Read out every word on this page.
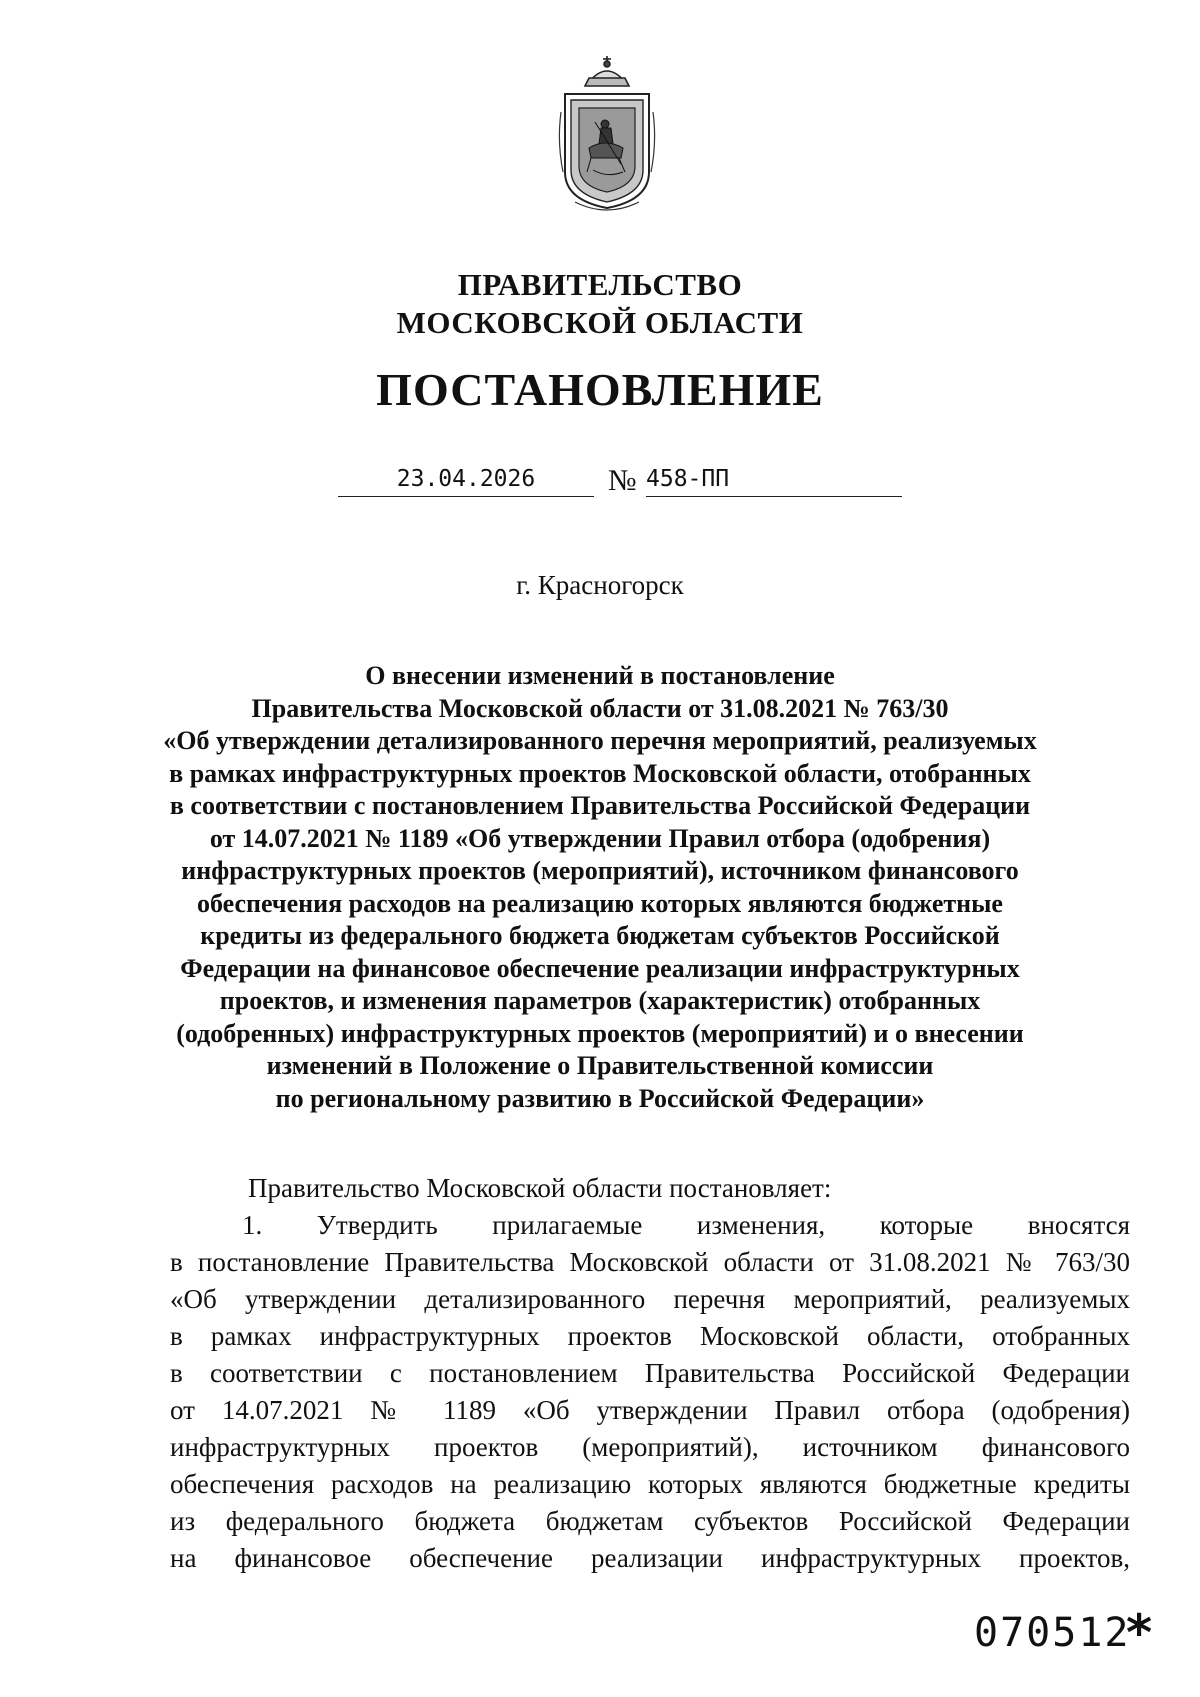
ПРАВИТЕЛЬСТВО
МОСКОВСКОЙ ОБЛАСТИ
ПОСТАНОВЛЕНИЕ
23.04.2026	№ 458-ПП
г. Красногорск
О внесении изменений в постановление
Правительства Московской области от 31.08.2021 № 763/30
«Об утверждении детализированного перечня мероприятий, реализуемых
в рамках инфраструктурных проектов Московской области, отобранных
в соответствии с постановлением Правительства Российской Федерации
от 14.07.2021 № 1189 «Об утверждении Правил отбора (одобрения)
инфраструктурных проектов (мероприятий), источником финансового
обеспечения расходов на реализацию которых являются бюджетные
кредиты из федерального бюджета бюджетам субъектов Российской
Федерации на финансовое обеспечение реализации инфраструктурных
проектов, и изменения параметров (характеристик) отобранных
(одобренных) инфраструктурных проектов (мероприятий) и о внесении
изменений в Положение о Правительственной комиссии
по региональному развитию в Российской Федерации»
Правительство Московской области постановляет:
1. Утвердить прилагаемые изменения, которые вносятся
в постановление Правительства Московской области от 31.08.2021 № 763/30
«Об утверждении детализированного перечня мероприятий, реализуемых
в рамках инфраструктурных проектов Московской области, отобранных
в соответствии с постановлением Правительства Российской Федерации
от 14.07.2021 № 1189 «Об утверждении Правил отбора (одобрения)
инфраструктурных проектов (мероприятий), источником финансового
обеспечения расходов на реализацию которых являются бюджетные кредиты
из федерального бюджета бюджетам субъектов Российской Федерации
на финансовое обеспечение реализации инфраструктурных проектов,
070512
*
